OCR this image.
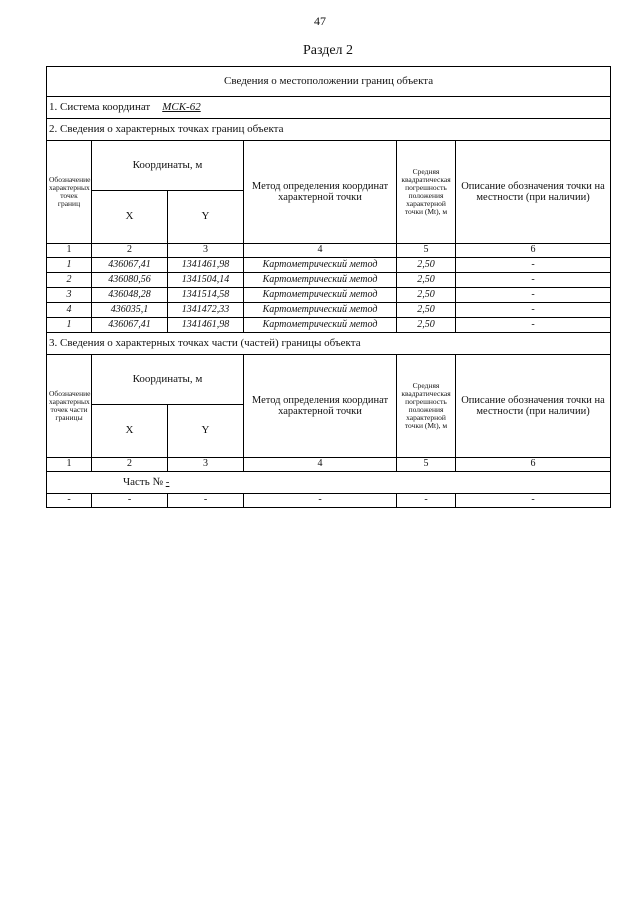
47
Раздел 2
Сведения о местоположении границ объекта					
1. Система координат МСК-62					
2. Сведения о характерных точках границ объекта					
Обозначение характерных точек границ	Координаты, м		Метод определения координат характерной точки	Средняя квадратическая погрешность положения характерной точки (Mt), м	Описание обозначения точки на местности (при наличии)
	X	Y			
1	2	3	4	5	6
1	436067,41	1341461,98	Картометрический метод	2,50	-
2	436080,56	1341504,14	Картометрический метод	2,50	-
3	436048,28	1341514,58	Картометрический метод	2,50	-
4	436035,1	1341472,33	Картометрический метод	2,50	-
1	436067,41	1341461,98	Картометрический метод	2,50	-
3. Сведения о характерных точках части (частей) границы объекта					
Обозначение характерных точек части границы	Координаты, м		Метод определения координат характерной точки	Средняя квадратическая погрешность положения характерной точки (Mt), м	Описание обозначения точки на местности (при наличии)
	X	Y			
1	2	3	4	5	6
Часть № -					
-	-	-	-	-	-
